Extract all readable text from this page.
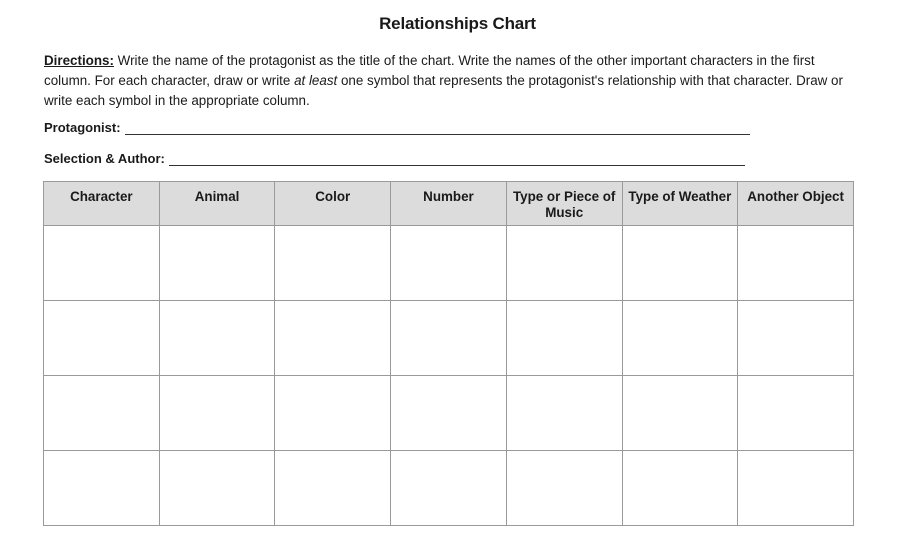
Relationships Chart
Directions: Write the name of the protagonist as the title of the chart. Write the names of the other important characters in the first column. For each character, draw or write at least one symbol that represents the protagonist's relationship with that character. Draw or write each symbol in the appropriate column.
Protagonist:
Selection & Author:
Character	Animal	Color	Number	Type or Piece of Music	Type of Weather	Another Object
